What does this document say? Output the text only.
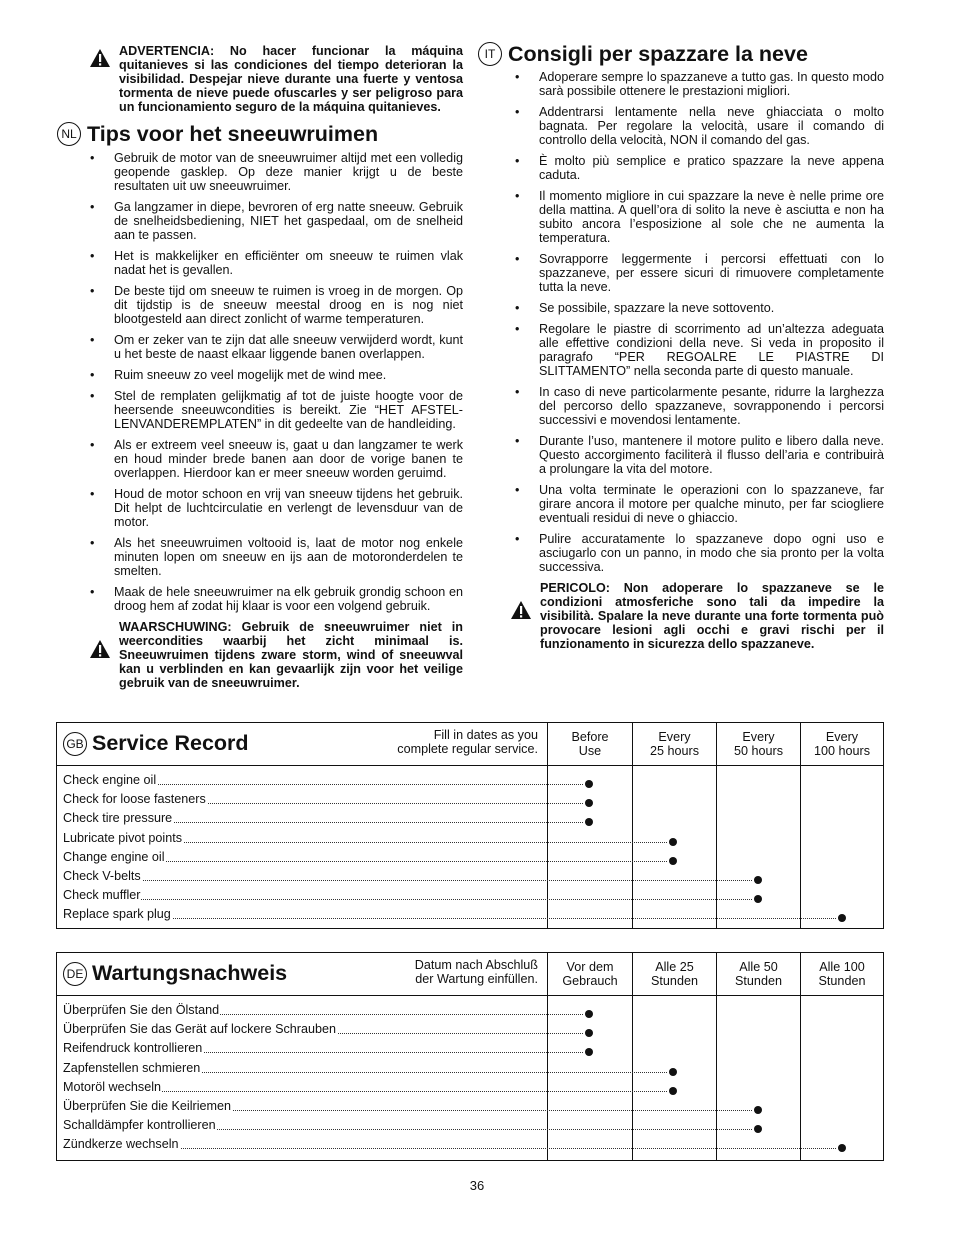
ADVERTENCIA: No hacer funcionar la máquina quitanieves si las condiciones del tiempo deterioran la visibilidad. Despejar nieve durante una fuerte y ventosa tormenta de nieve puede ofuscarles y ser peligroso para un funcionamiento seguro de la máquina quitanieves.
NL Tips voor het sneeuwruimen
• Gebruik de motor van de sneeuwruimer altijd met een volledig geopende gasklep. Op deze manier krijgt u de beste resultaten uit uw sneeuwruimer.
• Ga langzamer in diepe, bevroren of erg natte sneeuw. Gebruik de snelheidsbediening, NIET het gaspedaal, om de snelheid aan te passen.
• Het is makkelijker en efficiënter om sneeuw te ruimen vlak nadat het is gevallen.
• De beste tijd om sneeuw te ruimen is vroeg in de morgen. Op dit tijdstip is de sneeuw meestal droog en is nog niet blootgesteld aan direct zonlicht of warme temperaturen.
• Om er zeker van te zijn dat alle sneeuw verwijderd wordt, kunt u het beste de naast elkaar liggende banen overlappen.
• Ruim sneeuw zo veel mogelijk met de wind mee.
• Stel de remplaten gelijkmatig af tot de juiste hoogte voor de heersende sneeuwcondities is bereikt. Zie “HET AFSTEL-LENVANDEREMPLATEN” in dit gedeelte van de handleiding.
• Als er extreem veel sneeuw is, gaat u dan langzamer te werk en houd minder brede banen aan door de vorige banen te overlappen. Hierdoor kan er meer sneeuw worden geruimd.
• Houd de motor schoon en vrij van sneeuw tijdens het gebruik. Dit helpt de luchtcirculatie en verlengt de levensduur van de motor.
• Als het sneeuwruimen voltooid is, laat de motor nog enkele minuten lopen om sneeuw en ijs aan de motoronderdelen te smelten.
• Maak de hele sneeuwruimer na elk gebruik grondig schoon en droog hem af zodat hij klaar is voor een volgend gebruik.
WAARSCHUWING: Gebruik de sneeuwruimer niet in weercondities waarbij het zicht minimaal is. Sneeuwruimen tijdens zware storm, wind of sneeuwval kan u verblinden en kan gevaarlijk zijn voor het veilige gebruik van de sneeuwruimer.
IT Consigli per spazzare la neve
• Adoperare sempre lo spazzaneve a tutto gas. In questo modo sarà possibile ottenere le prestazioni migliori.
• Addentrarsi lentamente nella neve ghiacciata o molto bagnata. Per regolare la velocità, usare il comando di controllo della velocità, NON il comando del gas.
• È molto più semplice e pratico spazzare la neve appena caduta.
• Il momento migliore in cui spazzare la neve è nelle prime ore della mattina. A quell’ora di solito la neve è asciutta e non ha subito ancora l’esposizione al sole che ne aumenta la temperatura.
• Sovrapporre leggermente i percorsi effettuati con lo spazzaneve, per essere sicuri di rimuovere completamente tutta la neve.
• Se possibile, spazzare la neve sottovento.
• Regolare le piastre di scorrimento ad un’altezza adeguata alle effettive condizioni della neve. Si veda in proposito il paragrafo “PER REGOALRE LE PIASTRE DI SLITTAMENTO” nella seconda parte di questo manuale.
• In caso di neve particolarmente pesante, ridurre la larghezza del percorso dello spazzaneve, sovrapponendo i percorsi successivi e movendosi lentamente.
• Durante l’uso, mantenere il motore pulito e libero dalla neve. Questo accorgimento faciliterà il flusso dell’aria e contribuirà a prolungare la vita del motore.
• Una volta terminate le operazioni con lo spazzaneve, far girare ancora il motore per qualche minuto, per far sciogliere eventuali residui di neve o ghiaccio.
• Pulire accuratamente lo spazzaneve dopo ogni uso e asciugarlo con un panno, in modo che sia pronto per la volta successiva.
PERICOLO: Non adoperare lo spazzaneve se le condizioni atmosferiche sono tali da impedire la visibilità. Spalare la neve durante una forte tormenta può provocare lesioni agli occhi e gravi rischi per il funzionamento in sicurezza dello spazzaneve.
GB Service Record	Fill in dates as you
complete regular service.
Before
Use
Every
25 hours
Every
50 hours
Every
100 hours
Check engine oil
Check for loose fasteners
Check tire pressure
Lubricate pivot points
Change engine oil
Check V-belts
Check muffler
Replace spark plug
DE Wartungsnachweis	Datum nach Abschluß
der Wartung einfüllen.
Vor dem
Gebrauch
Alle 25
Stunden
Alle 50
Stunden
Alle 100
Stunden
Überprüfen Sie den Ölstand
Überprüfen Sie das Gerät auf lockere Schrauben
Reifendruck kontrollieren
Zapfenstellen schmieren
Motoröl wechseln
Überprüfen Sie die Keilriemen
Schalldämpfer kontrollieren
Zündkerze wechseln
36
